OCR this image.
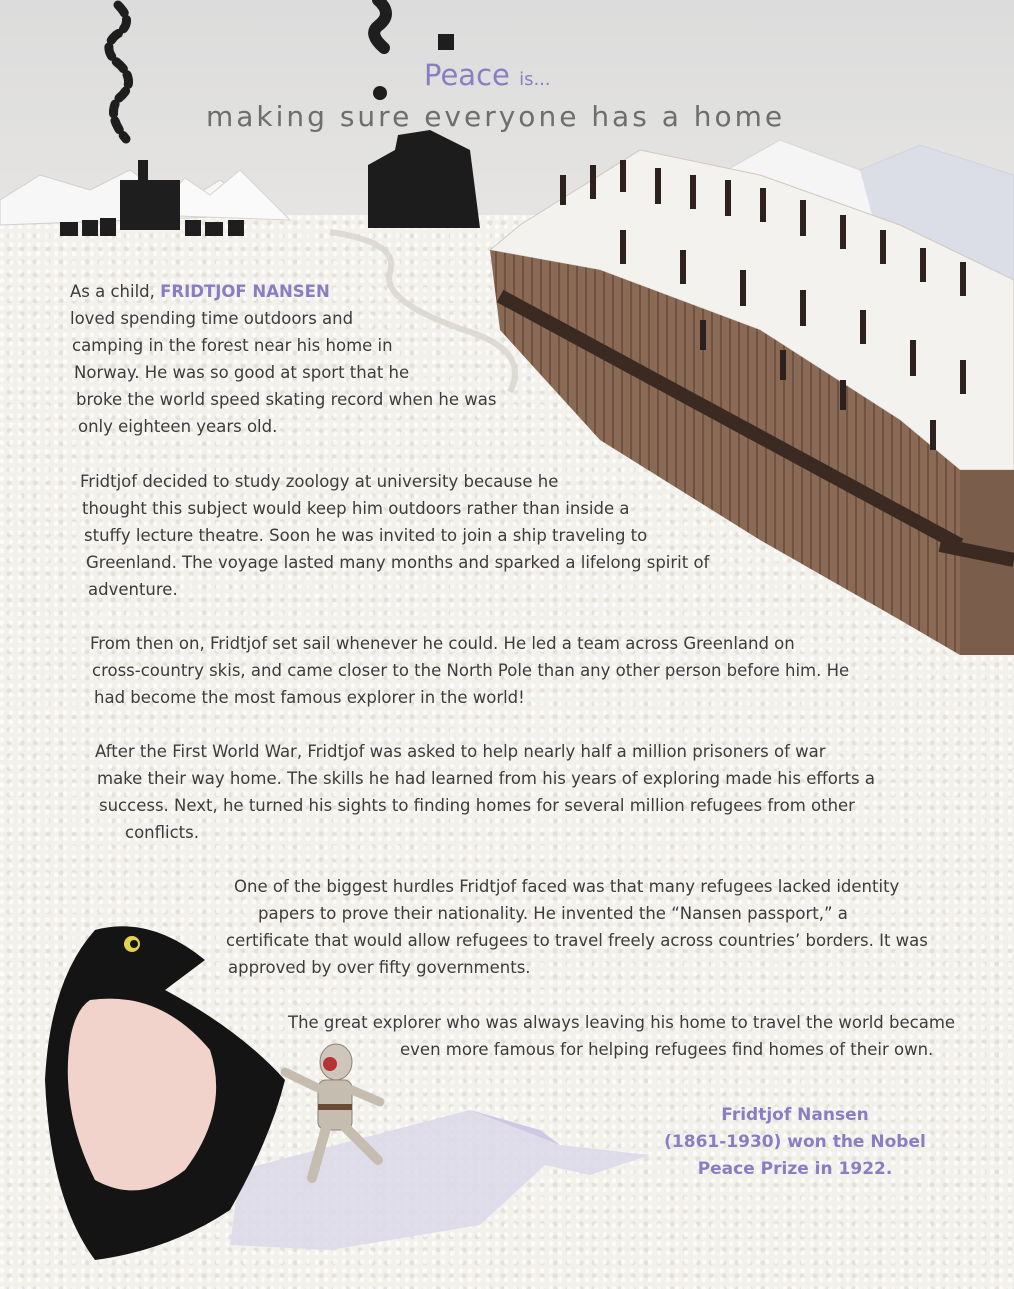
Peace is...
making sure everyone has a home
As a child, FRIDTJOF NANSEN
loved spending time outdoors and
camping in the forest near his home in
Norway. He was so good at sport that he
broke the world speed skating record when he was
only eighteen years old.
Fridtjof decided to study zoology at university because he
thought this subject would keep him outdoors rather than inside a
stuffy lecture theatre. Soon he was invited to join a ship traveling to
Greenland. The voyage lasted many months and sparked a lifelong spirit of
adventure.
From then on, Fridtjof set sail whenever he could. He led a team across Greenland on
cross-country skis, and came closer to the North Pole than any other person before him. He
had become the most famous explorer in the world!
After the First World War, Fridtjof was asked to help nearly half a million prisoners of war
make their way home. The skills he had learned from his years of exploring made his efforts a
success. Next, he turned his sights to finding homes for several million refugees from other
conflicts.
One of the biggest hurdles Fridtjof faced was that many refugees lacked identity
papers to prove their nationality. He invented the “Nansen passport,” a
certificate that would allow refugees to travel freely across countries’ borders. It was
approved by over fifty governments.
The great explorer who was always leaving his home to travel the world became
even more famous for helping refugees find homes of their own.
Fridtjof Nansen
(1861-1930) won the Nobel
Peace Prize in 1922.
